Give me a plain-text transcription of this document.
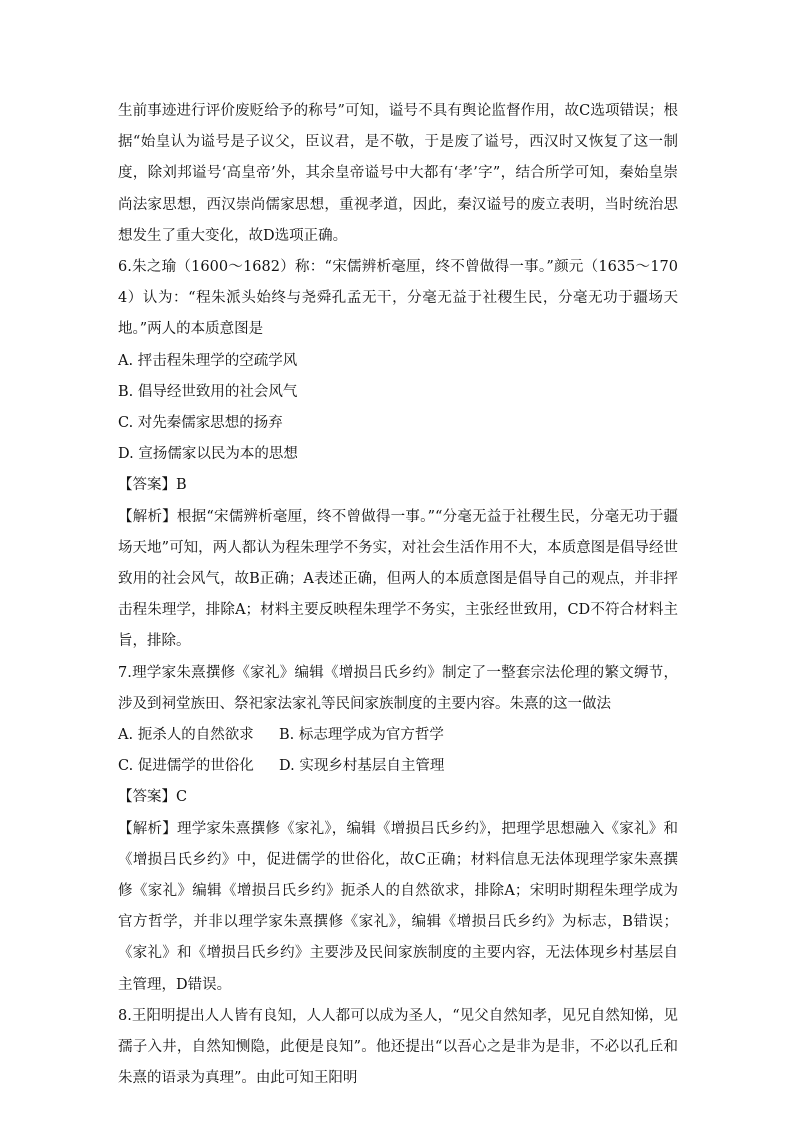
生前事迹进行评价废贬给予的称号”可知，谥号不具有舆论监督作用，故C选项错误；根据“始皇认为谥号是子议父，臣议君，是不敬，于是废了谥号，西汉时又恢复了这一制度，除刘邦谥号‘高皇帝’外，其余皇帝谥号中大都有‘孝’字”，结合所学可知，秦始皇崇尚法家思想，西汉崇尚儒家思想，重视孝道，因此，秦汉谥号的废立表明，当时统治思想发生了重大变化，故D选项正确。

6.朱之瑜（1600～1682）称：“宋儒辨析毫厘，终不曾做得一事。”颜元（1635～1704）认为：“程朱派头始终与尧舜孔孟无干，分毫无益于社稷生民，分毫无功于疆场天地。”两人的本质意图是

A. 抨击程朱理学的空疏学风

B. 倡导经世致用的社会风气

C. 对先秦儒家思想的扬弃

D. 宣扬儒家以民为本的思想

【答案】B

【解析】根据“宋儒辨析毫厘，终不曾做得一事。”“分毫无益于社稷生民，分毫无功于疆场天地”可知，两人都认为程朱理学不务实，对社会生活作用不大，本质意图是倡导经世致用的社会风气，故B正确；A表述正确，但两人的本质意图是倡导自己的观点，并非抨击程朱理学，排除A；材料主要反映程朱理学不务实，主张经世致用，CD不符合材料主旨，排除。

7.理学家朱熹撰修《家礼》编辑《增损吕氏乡约》制定了一整套宗法伦理的繁文缛节，涉及到祠堂族田、祭祀家法家礼等民间家族制度的主要内容。朱熹的这一做法

A. 扼杀人的自然欲求	B. 标志理学成为官方哲学
C. 促进儒学的世俗化	D. 实现乡村基层自主管理

【答案】C

【解析】理学家朱熹撰修《家礼》，编辑《增损吕氏乡约》，把理学思想融入《家礼》和《增损吕氏乡约》中，促进儒学的世俗化，故C正确；材料信息无法体现理学家朱熹撰修《家礼》编辑《增损吕氏乡约》扼杀人的自然欲求，排除A；宋明时期程朱理学成为官方哲学，并非以理学家朱熹撰修《家礼》，编辑《增损吕氏乡约》为标志，B错误；《家礼》和《增损吕氏乡约》主要涉及民间家族制度的主要内容，无法体现乡村基层自主管理，D错误。

8.王阳明提出人人皆有良知，人人都可以成为圣人，“见父自然知孝，见兄自然知悌，见孺子入井，自然知恻隐，此便是良知”。他还提出“以吾心之是非为是非，不必以孔丘和朱熹的语录为真理”。由此可知王阳明
